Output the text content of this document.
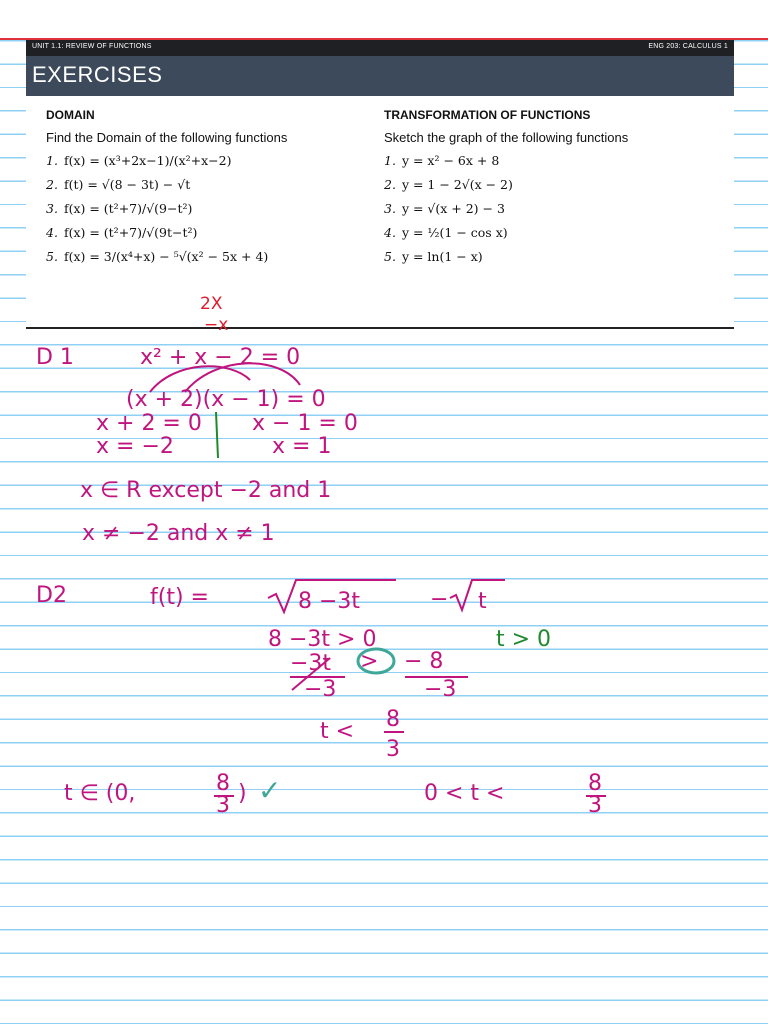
UNIT 1.1: REVIEW OF FUNCTIONS	ENG 203: CALCULUS 1
EXERCISES
DOMAIN
Find the Domain of the following functions
1. f(x) = (x³+2x−1)/(x²+x−2)
2. f(t) = √(8 − 3t) − √t
3. f(x) = (t²+7)/√(9−t²)
4. f(x) = (t²+7)/√(9t−t²)
5. f(x) = 3/(x⁴+x) − ⁵√(x² − 5x + 4)
TRANSFORMATION OF FUNCTIONS
Sketch the graph of the following functions
1. y = x² − 6x + 8
2. y = 1 − 2√(x − 2)
3. y = √(x + 2) − 3
4. y = ½(1 − cos x)
5. y = ln(1 − x)
2X
−x
D 1	x² + x − 2 = 0
(x + 2)(x − 1) = 0
x + 2 = 0
x = −2
x − 1 = 0
x = 1
x ∈ R except −2 and 1
x ≠ −2 and x ≠ 1
D2	f(t) =	8 −3t	− t
8 −3t > 0
−3t > − 8
−3	−3
t < 8
3
t ∈ (0,	8
3 )	0 < t <	8
3
t > 0
✓
